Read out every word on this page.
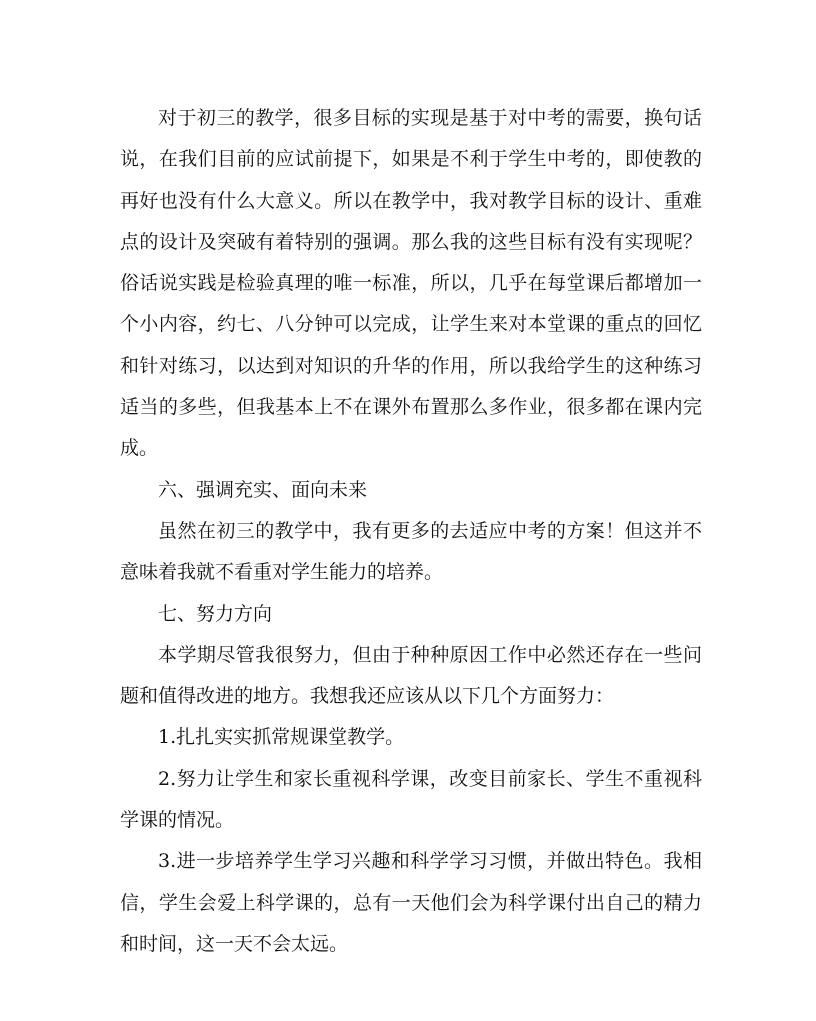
对于初三的教学，很多目标的实现是基于对中考的需要，换句话说，在我们目前的应试前提下，如果是不利于学生中考的，即使教的再好也没有什么大意义。所以在教学中，我对教学目标的设计、重难点的设计及突破有着特别的强调。那么我的这些目标有没有实现呢？俗话说实践是检验真理的唯一标准，所以，几乎在每堂课后都增加一个小内容，约七、八分钟可以完成，让学生来对本堂课的重点的回忆和针对练习，以达到对知识的升华的作用，所以我给学生的这种练习适当的多些，但我基本上不在课外布置那么多作业，很多都在课内完成。

六、强调充实、面向未来

虽然在初三的教学中，我有更多的去适应中考的方案！但这并不意味着我就不看重对学生能力的培养。

七、努力方向

本学期尽管我很努力，但由于种种原因工作中必然还存在一些问题和值得改进的地方。我想我还应该从以下几个方面努力：

1.扎扎实实抓常规课堂教学。

2.努力让学生和家长重视科学课，改变目前家长、学生不重视科学课的情况。

3.进一步培养学生学习兴趣和科学学习习惯，并做出特色。我相信，学生会爱上科学课的，总有一天他们会为科学课付出自己的精力和时间，这一天不会太远。
